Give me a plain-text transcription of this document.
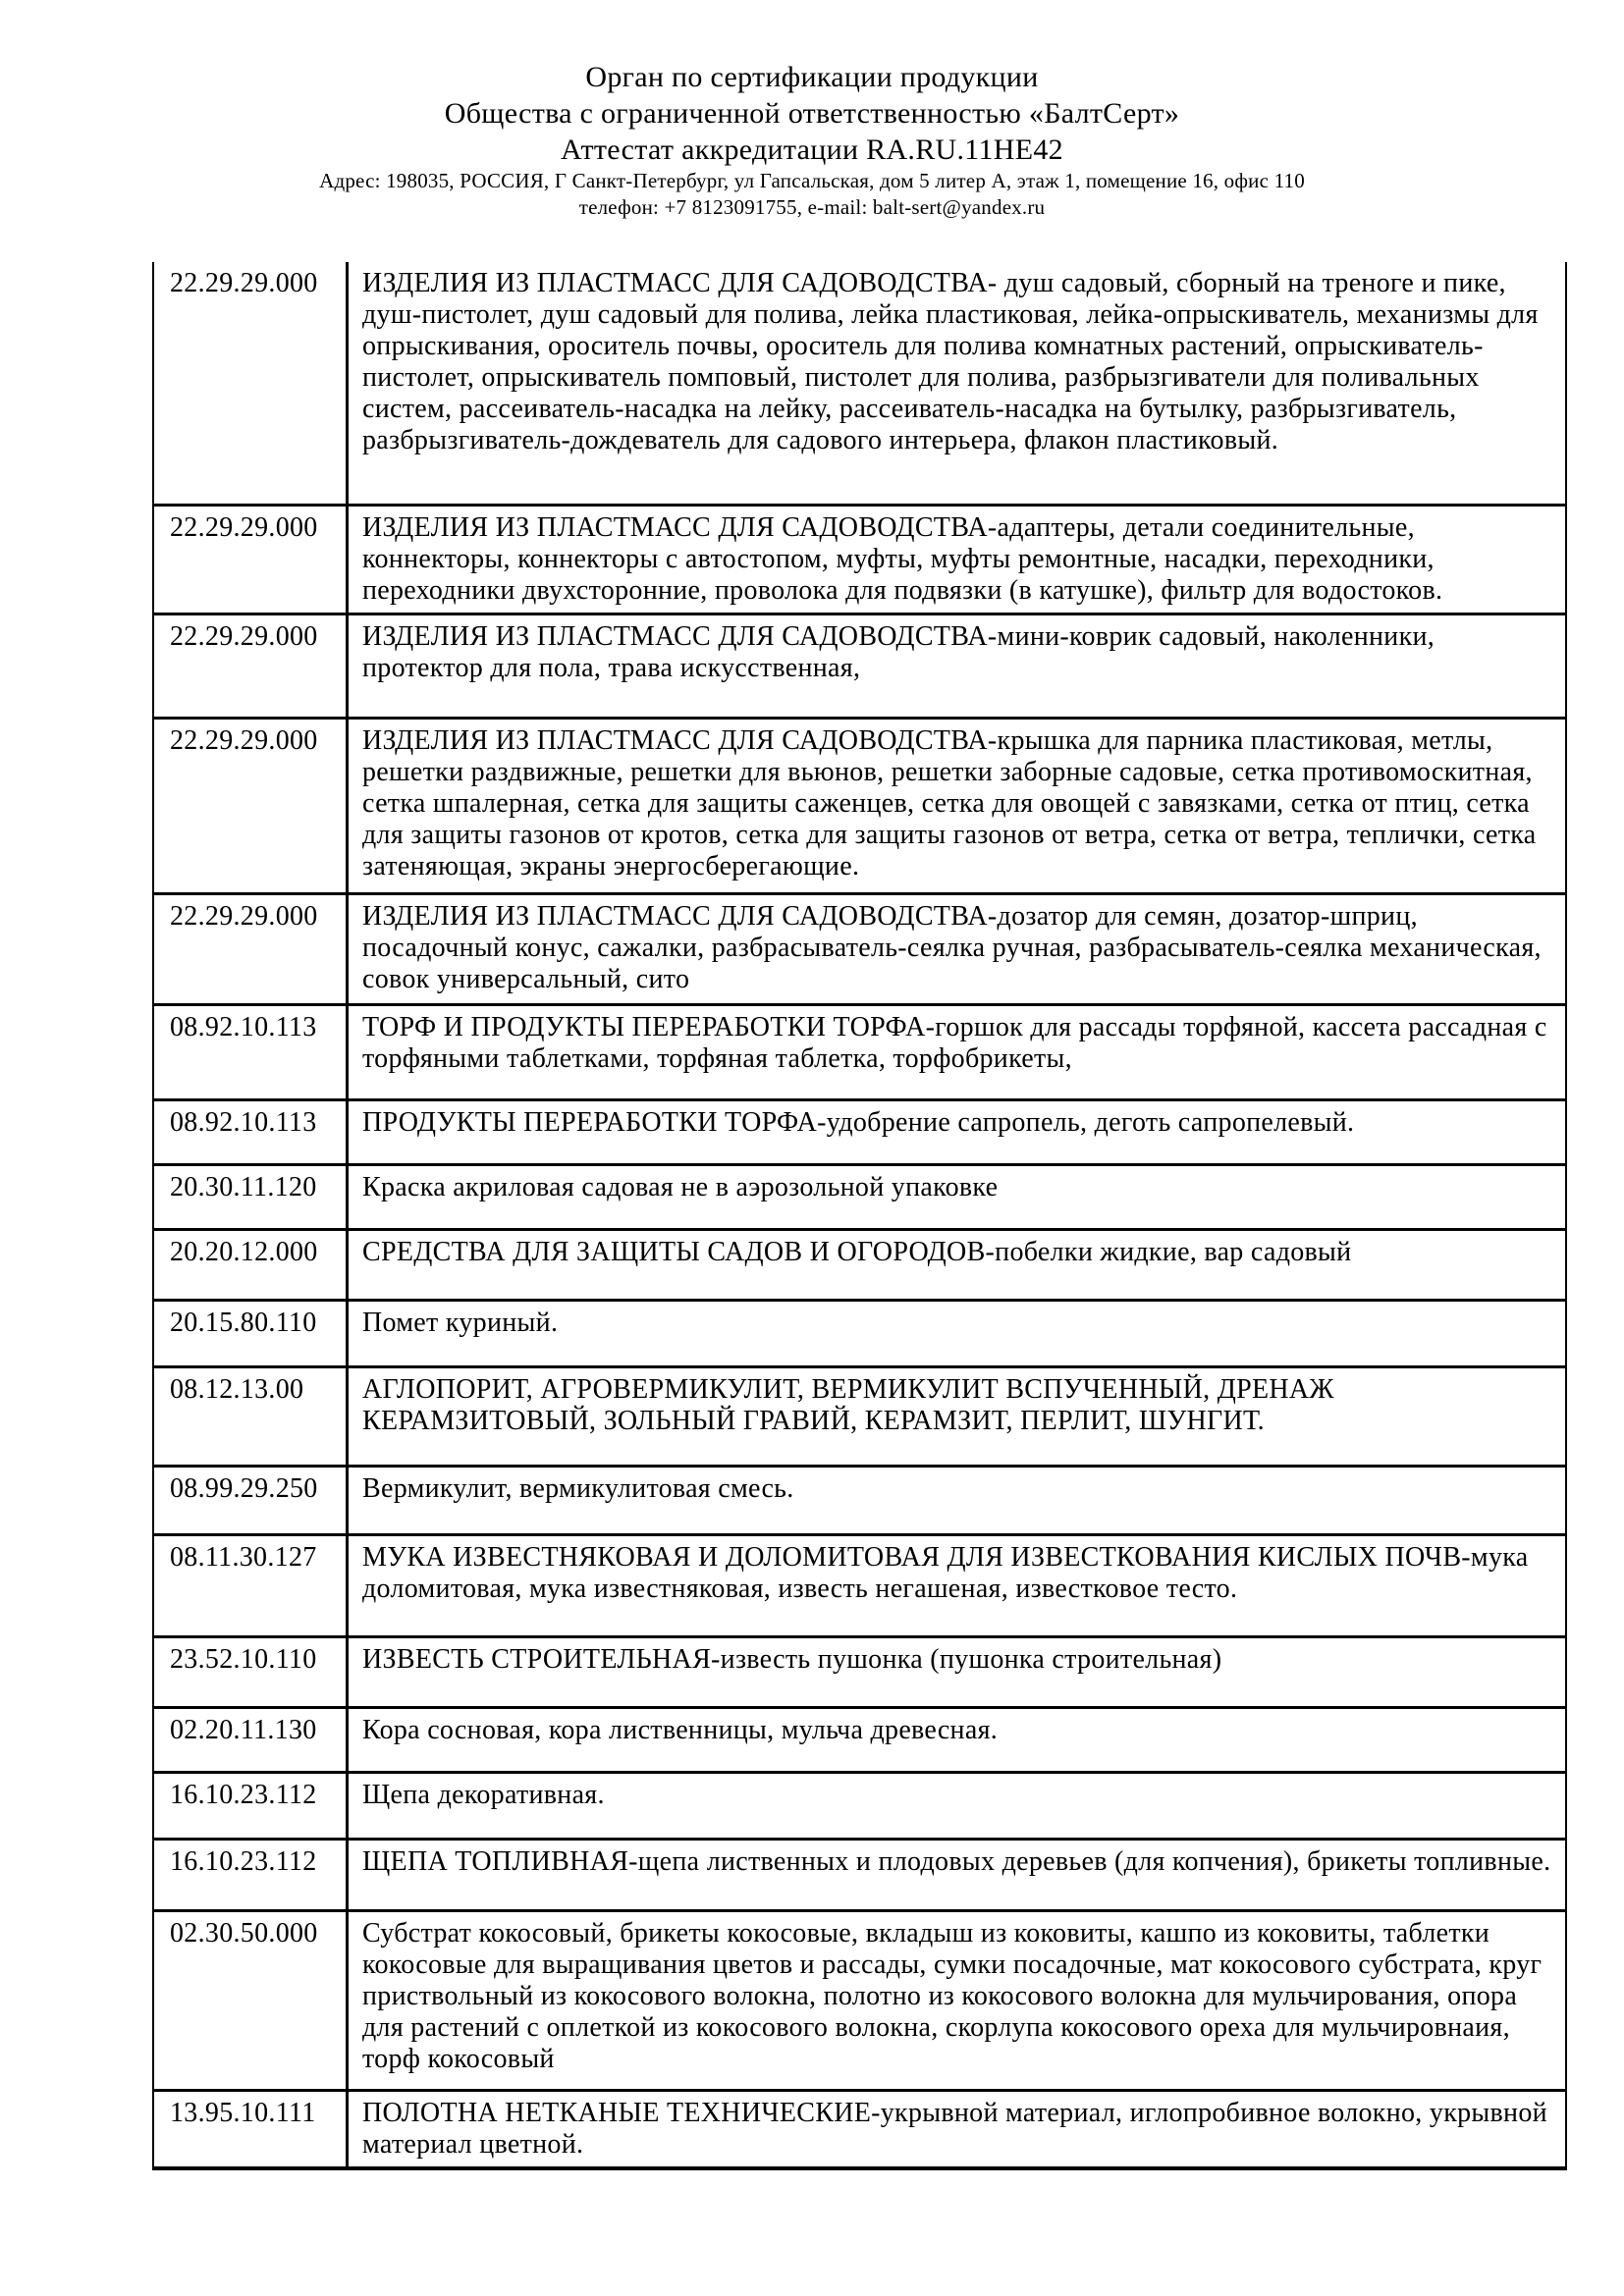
Орган по сертификации продукции
Общества с ограниченной ответственностью «БалтСерт»
Аттестат аккредитации RA.RU.11HE42
Адрес: 198035, РОССИЯ, Г Санкт-Петербург, ул Гапсальская, дом 5 литер А, этаж 1, помещение 16, офис 110
телефон: +7 8123091755, e-mail: balt-sert@yandex.ru
22.29.29.000	ИЗДЕЛИЯ ИЗ ПЛАСТМАСС ДЛЯ САДОВОДСТВА- душ садовый, сборный на треноге и пике, душ-пистолет, душ садовый для полива, лейка пластиковая, лейка-опрыскиватель, механизмы для опрыскивания, ороситель почвы, ороситель для полива комнатных растений, опрыскиватель-пистолет, опрыскиватель помповый, пистолет для полива, разбрызгиватели для поливальных систем, рассеиватель-насадка на лейку, рассеиватель-насадка на бутылку, разбрызгиватель, разбрызгиватель-дождеватель для садового интерьера, флакон пластиковый.
22.29.29.000	ИЗДЕЛИЯ ИЗ ПЛАСТМАСС ДЛЯ САДОВОДСТВА-адаптеры, детали соединительные, коннекторы, коннекторы с автостопом, муфты, муфты ремонтные, насадки, переходники, переходники двухсторонние, проволока для подвязки (в катушке), фильтр для водостоков.
22.29.29.000	ИЗДЕЛИЯ ИЗ ПЛАСТМАСС ДЛЯ САДОВОДСТВА-мини-коврик садовый, наколенники, протектор для пола, трава искусственная,
22.29.29.000	ИЗДЕЛИЯ ИЗ ПЛАСТМАСС ДЛЯ САДОВОДСТВА-крышка для парника пластиковая, метлы, решетки раздвижные, решетки для вьюнов, решетки заборные садовые, сетка противомоскитная, сетка шпалерная, сетка для защиты саженцев, сетка для овощей с завязками, сетка от птиц, сетка для защиты газонов от кротов, сетка для защиты газонов от ветра, сетка от ветра, теплички, сетка затеняющая, экраны энергосберегающие.
22.29.29.000	ИЗДЕЛИЯ ИЗ ПЛАСТМАСС ДЛЯ САДОВОДСТВА-дозатор для семян, дозатор-шприц, посадочный конус, сажалки, разбрасыватель-сеялка ручная, разбрасыватель-сеялка механическая, совок универсальный, сито
08.92.10.113	ТОРФ И ПРОДУКТЫ ПЕРЕРАБОТКИ ТОРФА-горшок для рассады торфяной, кассета рассадная с торфяными таблетками, торфяная таблетка, торфобрикеты,
08.92.10.113	ПРОДУКТЫ ПЕРЕРАБОТКИ ТОРФА-удобрение сапропель, деготь сапропелевый.
20.30.11.120	Краска акриловая садовая не в аэрозольной упаковке
20.20.12.000	СРЕДСТВА ДЛЯ ЗАЩИТЫ САДОВ И ОГОРОДОВ-побелки жидкие, вар садовый
20.15.80.110	Помет куриный.
08.12.13.00	АГЛОПОРИТ, АГРОВЕРМИКУЛИТ, ВЕРМИКУЛИТ ВСПУЧЕННЫЙ, ДРЕНАЖ КЕРАМЗИТОВЫЙ, ЗОЛЬНЫЙ ГРАВИЙ, КЕРАМЗИТ, ПЕРЛИТ, ШУНГИТ.
08.99.29.250	Вермикулит, вермикулитовая смесь.
08.11.30.127	МУКА ИЗВЕСТНЯКОВАЯ И ДОЛОМИТОВАЯ ДЛЯ ИЗВЕСТКОВАНИЯ КИСЛЫХ ПОЧВ-мука доломитовая, мука известняковая, известь негашеная, известковое тесто.
23.52.10.110	ИЗВЕСТЬ СТРОИТЕЛЬНАЯ-известь пушонка (пушонка строительная)
02.20.11.130	Кора сосновая, кора лиственницы, мульча древесная.
16.10.23.112	Щепа декоративная.
16.10.23.112	ЩЕПА ТОПЛИВНАЯ-щепа лиственных и плодовых деревьев (для копчения), брикеты топливные.
02.30.50.000	Субстрат кокосовый, брикеты кокосовые, вкладыш из коковиты, кашпо из коковиты, таблетки кокосовые для выращивания цветов и рассады, сумки посадочные, мат кокосового субстрата, круг приствольный из кокосового волокна, полотно из кокосового волокна для мульчирования, опора для растений с оплеткой из кокосового волокна, скорлупа кокосового ореха для мульчировнаия, торф кокосовый
13.95.10.111	ПОЛОТНА НЕТКАНЫЕ ТЕХНИЧЕСКИЕ-укрывной материал, иглопробивное волокно, укрывной материал цветной.
